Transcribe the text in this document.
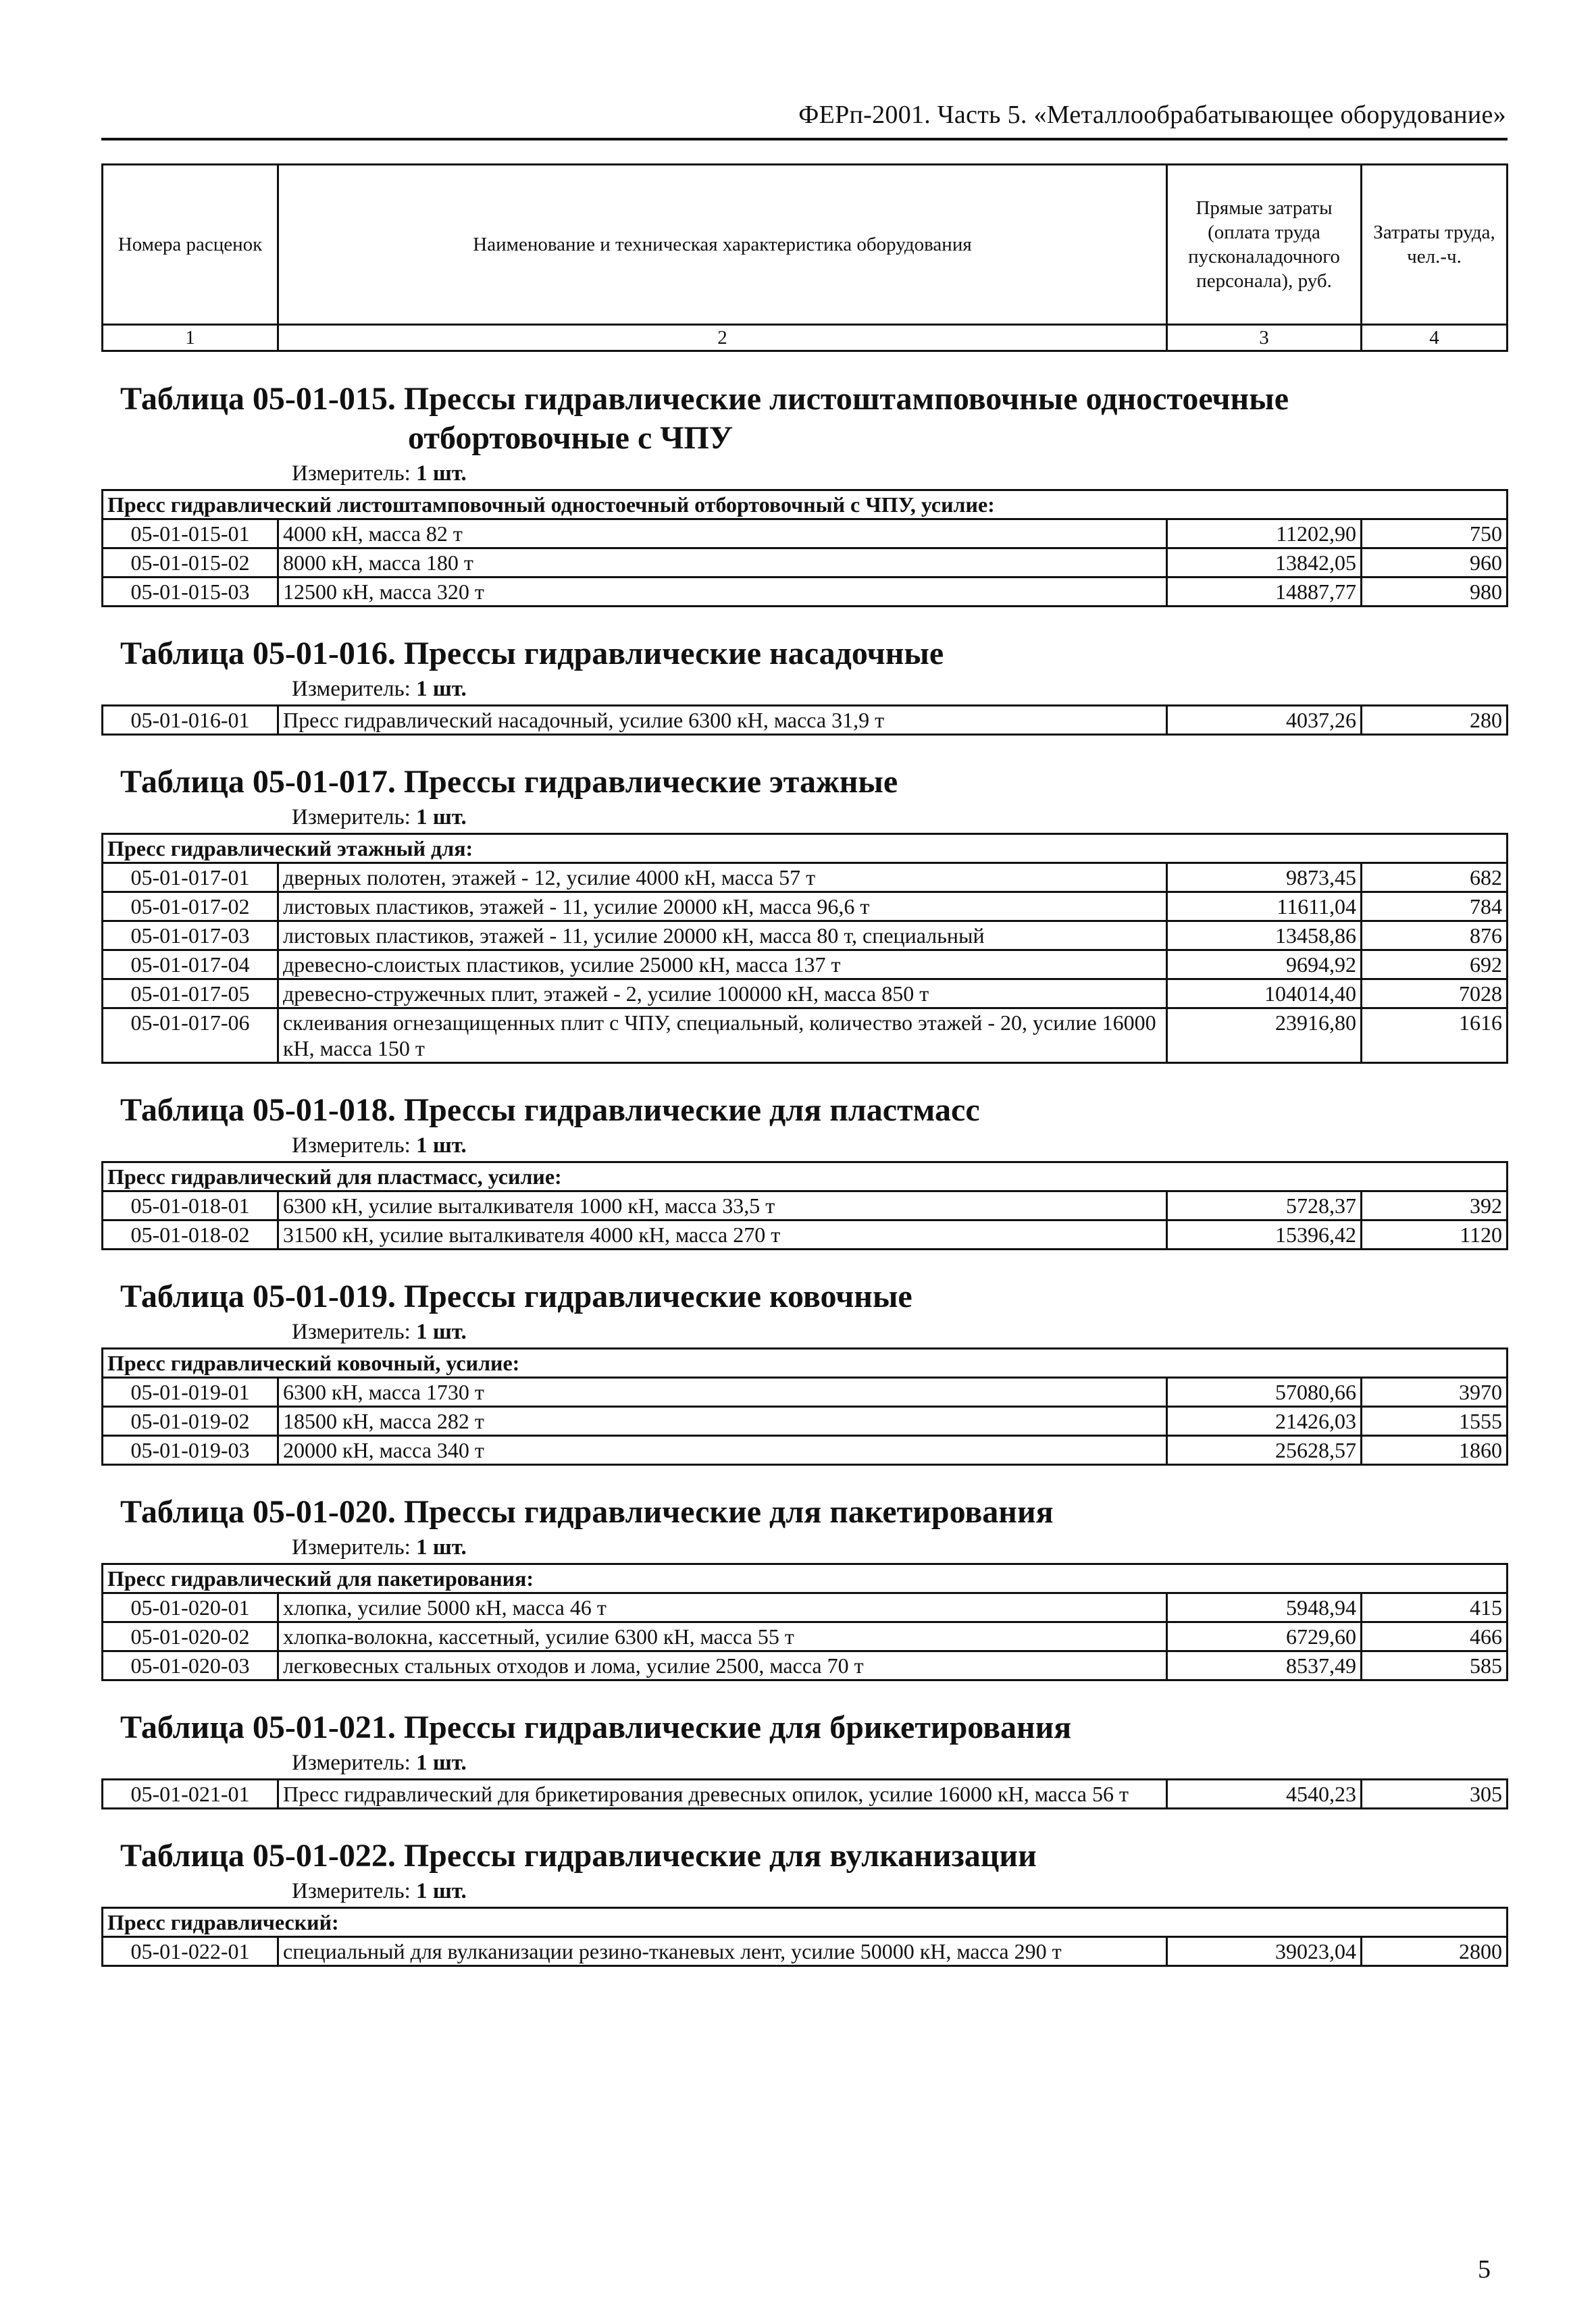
ФЕРп-2001. Часть 5. «Металлообрабатывающее оборудование»
Номера расценок	Наименование и техническая характеристика оборудования	Прямые затраты (оплата труда пусконаладочного персонала), руб.	Затраты труда, чел.-ч.
1	2	3	4
Таблица 05-01-015. Прессы гидравлические листоштамповочные одностоечные
отбортовочные с ЧПУ
Измеритель: 1 шт.
Пресс гидравлический листоштамповочный одностоечный отбортовочный с ЧПУ, усилие:			
05-01-015-01	4000 кН, масса 82 т	11202,90	750
05-01-015-02	8000 кН, масса 180 т	13842,05	960
05-01-015-03	12500 кН, масса 320 т	14887,77	980
Таблица 05-01-016. Прессы гидравлические насадочные
Измеритель: 1 шт.
05-01-016-01	Пресс гидравлический насадочный, усилие 6300 кН, масса 31,9 т	4037,26	280
Таблица 05-01-017. Прессы гидравлические этажные
Измеритель: 1 шт.
Пресс гидравлический этажный для:			
05-01-017-01	дверных полотен, этажей - 12, усилие 4000 кН, масса 57 т	9873,45	682
05-01-017-02	листовых пластиков, этажей - 11, усилие 20000 кН, масса 96,6 т	11611,04	784
05-01-017-03	листовых пластиков, этажей - 11, усилие 20000 кН, масса 80 т, специальный	13458,86	876
05-01-017-04	древесно-слоистых пластиков, усилие 25000 кН, масса 137 т	9694,92	692
05-01-017-05	древесно-стружечных плит, этажей - 2, усилие 100000 кН, масса 850 т	104014,40	7028
05-01-017-06	склеивания огнезащищенных плит с ЧПУ, специальный, количество этажей - 20, усилие 16000 кН, масса 150 т	23916,80	1616
Таблица 05-01-018. Прессы гидравлические для пластмасс
Измеритель: 1 шт.
Пресс гидравлический для пластмасс, усилие:			
05-01-018-01	6300 кН, усилие выталкивателя 1000 кН, масса 33,5 т	5728,37	392
05-01-018-02	31500 кН, усилие выталкивателя 4000 кН, масса 270 т	15396,42	1120
Таблица 05-01-019. Прессы гидравлические ковочные
Измеритель: 1 шт.
Пресс гидравлический ковочный, усилие:			
05-01-019-01	6300 кН, масса 1730 т	57080,66	3970
05-01-019-02	18500 кН, масса 282 т	21426,03	1555
05-01-019-03	20000 кН, масса 340 т	25628,57	1860
Таблица 05-01-020. Прессы гидравлические для пакетирования
Измеритель: 1 шт.
Пресс гидравлический для пакетирования:			
05-01-020-01	хлопка, усилие 5000 кН, масса 46 т	5948,94	415
05-01-020-02	хлопка-волокна, кассетный, усилие 6300 кН, масса 55 т	6729,60	466
05-01-020-03	легковесных стальных отходов и лома, усилие 2500, масса 70 т	8537,49	585
Таблица 05-01-021. Прессы гидравлические для брикетирования
Измеритель: 1 шт.
05-01-021-01	Пресс гидравлический для брикетирования древесных опилок, усилие 16000 кН, масса 56 т	4540,23	305
Таблица 05-01-022. Прессы гидравлические для вулканизации
Измеритель: 1 шт.
Пресс гидравлический:
05-01-022-01	специальный для вулканизации резино-тканевых лент, усилие 50000 кН, масса 290 т	39023,04	2800
5
